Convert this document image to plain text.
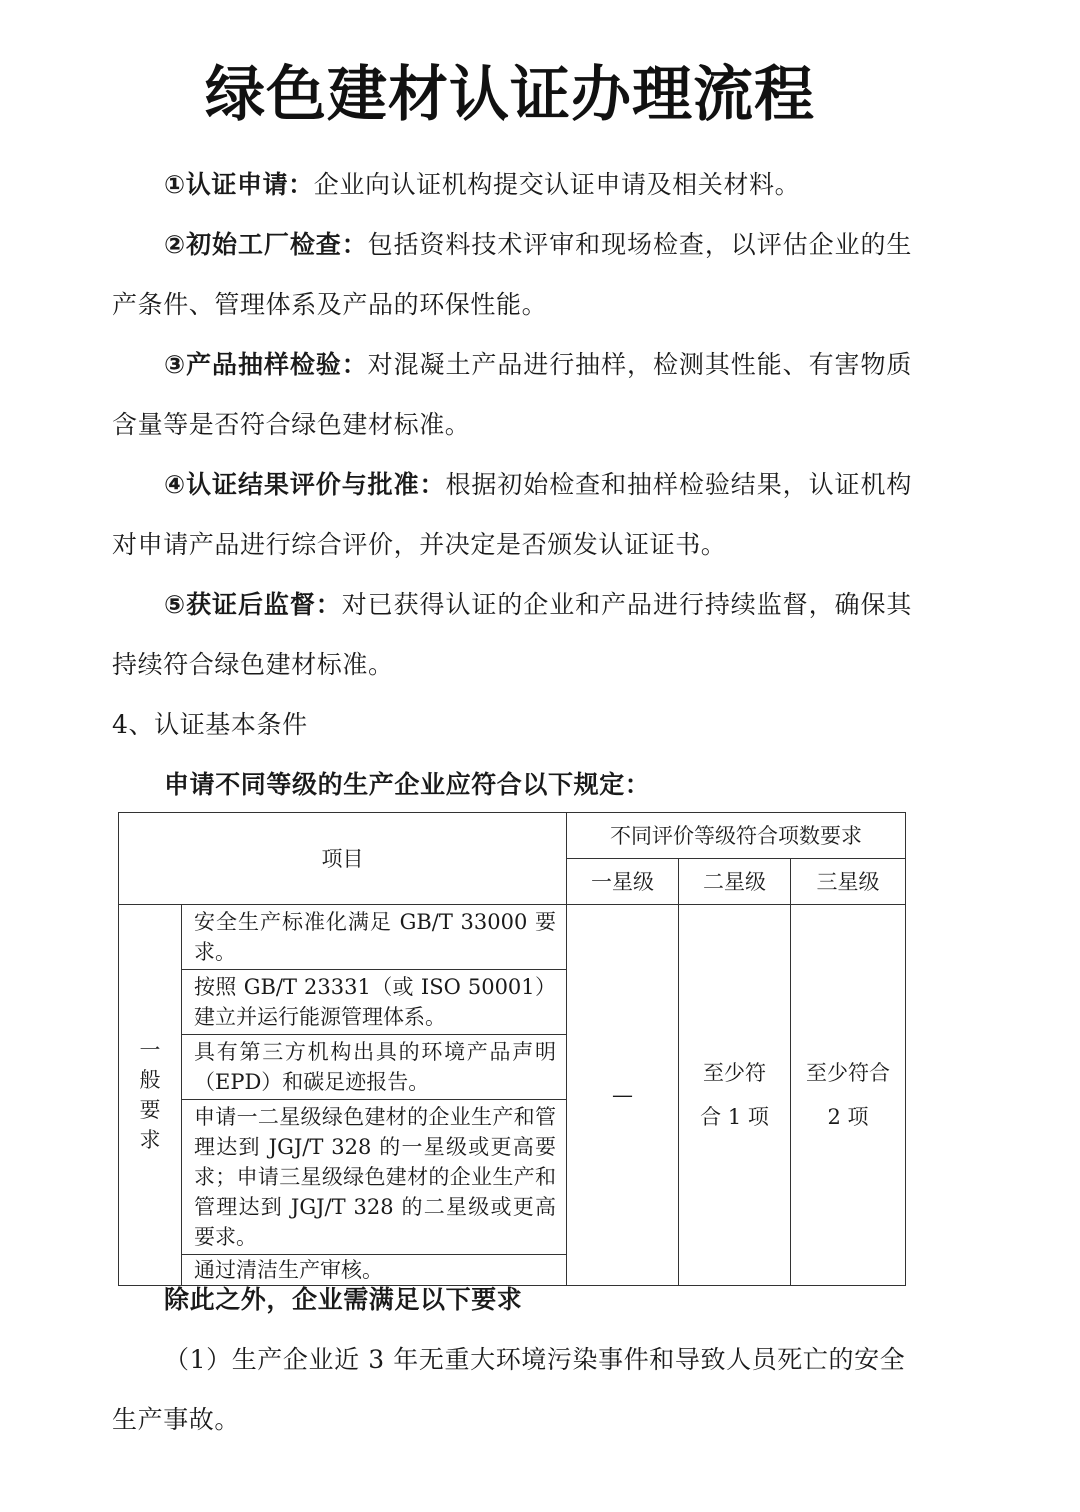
绿色建材认证办理流程

①认证申请：企业向认证机构提交认证申请及相关材料。

②初始工厂检查：包括资料技术评审和现场检查，以评估企业的生产条件、管理体系及产品的环保性能。

③产品抽样检验：对混凝土产品进行抽样，检测其性能、有害物质含量等是否符合绿色建材标准。

④认证结果评价与批准：根据初始检查和抽样检验结果，认证机构对申请产品进行综合评价，并决定是否颁发认证证书。

⑤获证后监督：对已获得认证的企业和产品进行持续监督，确保其持续符合绿色建材标准。

4、认证基本条件

申请不同等级的生产企业应符合以下规定：

项目		不同评价等级符合项数要求		
		一星级	二星级	三星级
一般要求	安全生产标准化满足 GB/T 33000 要求。	—	至少符合 1 项	至少符合 2 项
	按照 GB/T 23331（或 ISO 50001）建立并运行能源管理体系。			
	具有第三方机构出具的环境产品声明（EPD）和碳足迹报告。			
	申请一二星级绿色建材的企业生产和管理达到 JGJ/T 328 的一星级或更高要求；申请三星级绿色建材的企业生产和管理达到 JGJ/T 328 的二星级或更高要求。			
	通过清洁生产审核。			

除此之外，企业需满足以下要求

（1）生产企业近 3 年无重大环境污染事件和导致人员死亡的安全生产事故。
